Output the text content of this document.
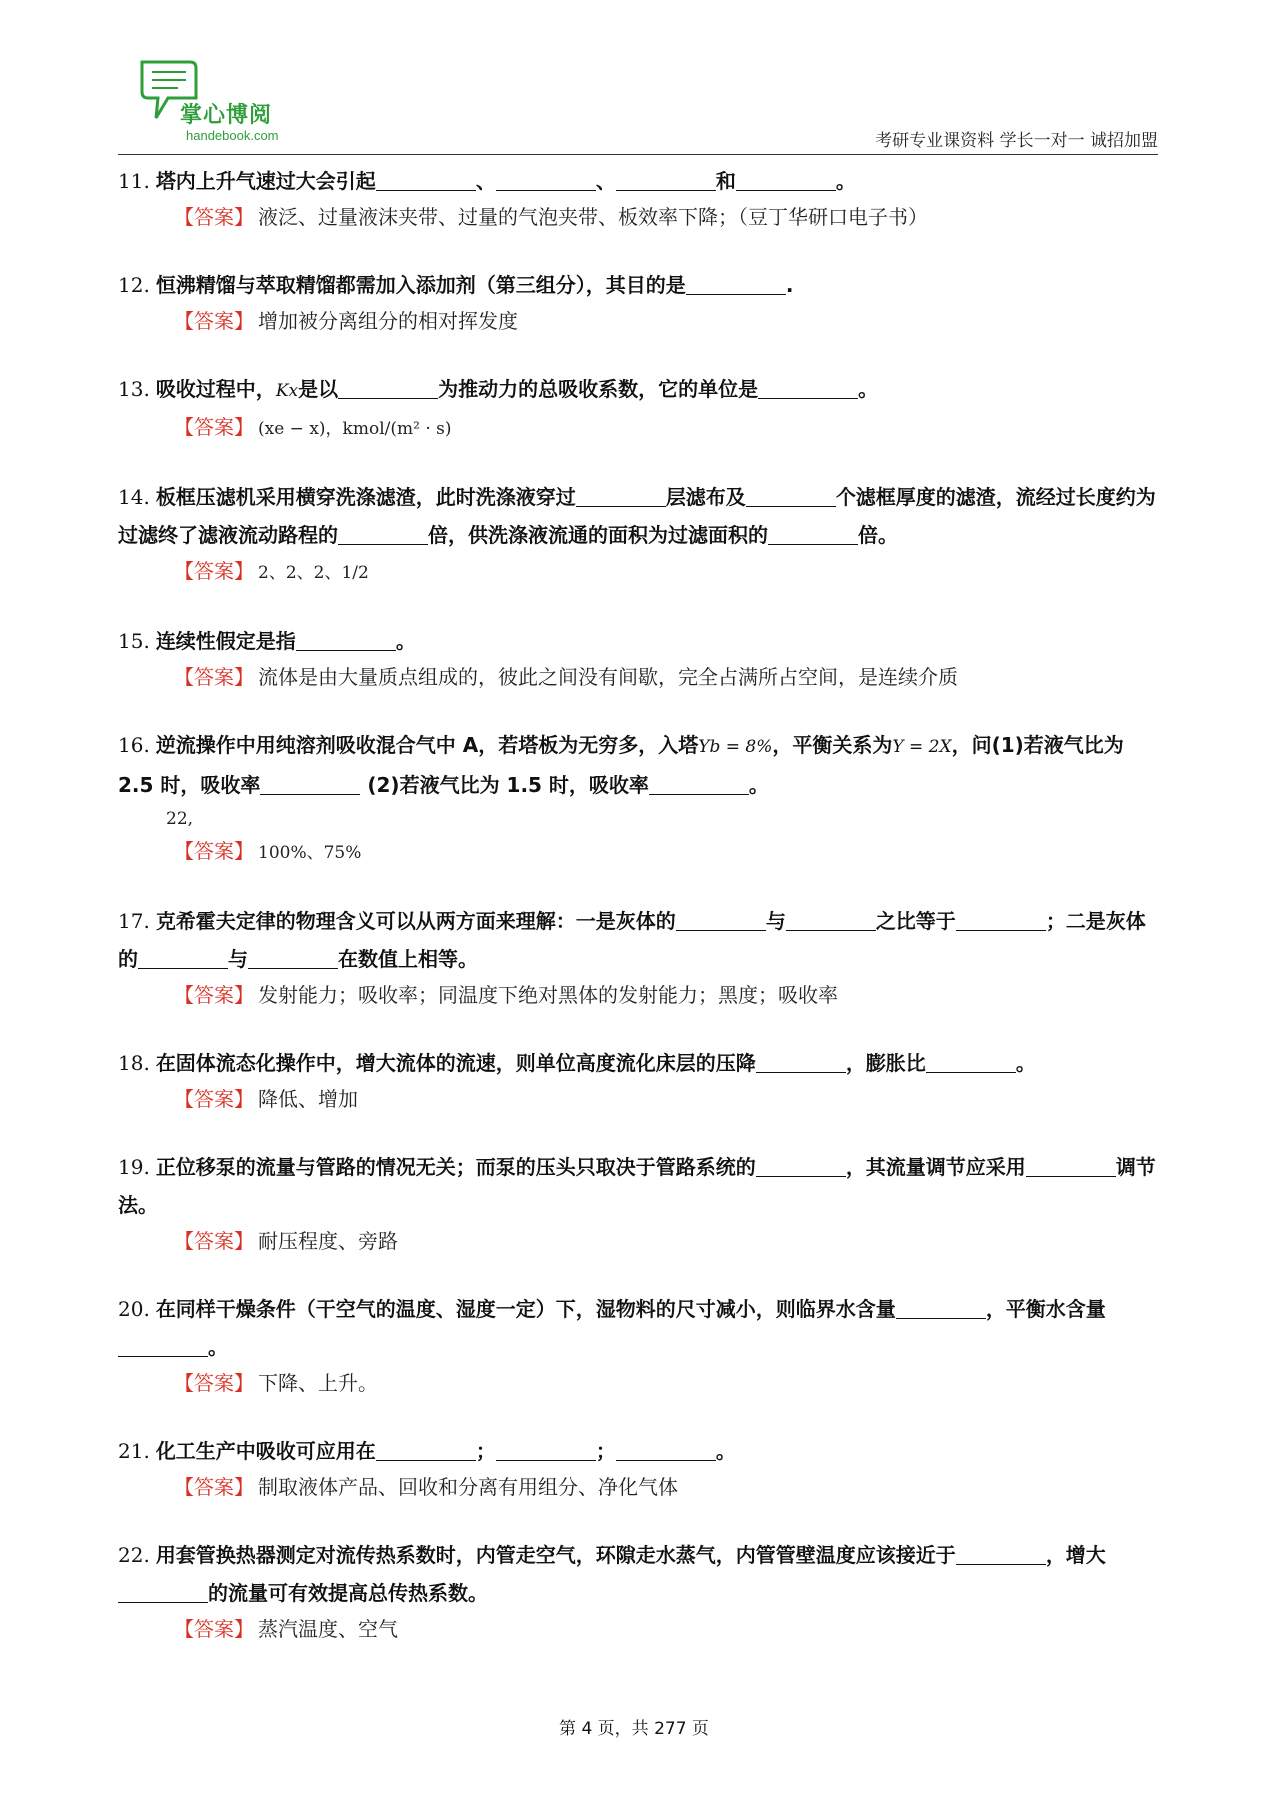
掌心博阅
handebook.com	考研专业课资料 学长一对一 诚招加盟

11. 塔内上升气速过大会引起	、	、	和	。

【答案】 液泛、过量液沫夹带、过量的气泡夹带、板效率下降；（豆丁华研口电子书）

12. 恒沸精馏与萃取精馏都需加入添加剂（第三组分），其目的是	.

【答案】 增加被分离组分的相对挥发度

13. 吸收过程中，Kx是以	为推动力的总吸收系数，它的单位是	。

【答案】 (xe − x)，kmol/(m² · s)

14. 板框压滤机采用横穿洗涤滤渣，此时洗涤液穿过	层滤布及	个滤框厚度的滤渣，流经过长度约为过滤终了滤液流动路程的	倍，供洗涤液流通的面积为过滤面积的	倍。

【答案】 2、2、2、1/2

15. 连续性假定是指	。

【答案】 流体是由大量质点组成的，彼此之间没有间歇，完全占满所占空间，是连续介质

16. 逆流操作中用纯溶剂吸收混合气中 A，若塔板为无穷多，入塔Yb = 8%，平衡关系为Y = 2X，问(1)若液气比为 2.5 时，吸收率	(2)若液气比为 1.5 时，吸收率	。

22,
【答案】 100%、75%

17. 克希霍夫定律的物理含义可以从两方面来理解：一是灰体的	与	之比等于	；二是灰体的	与	在数值上相等。

【答案】 发射能力；吸收率；同温度下绝对黑体的发射能力；黑度；吸收率

18. 在固体流态化操作中，增大流体的流速，则单位高度流化床层的压降	，膨胀比	。

【答案】 降低、增加

19. 正位移泵的流量与管路的情况无关；而泵的压头只取决于管路系统的	，其流量调节应采用	调节法。

【答案】 耐压程度、旁路

20. 在同样干燥条件（干空气的温度、湿度一定）下，湿物料的尺寸减小，则临界水含量	，平衡水含量。

【答案】 下降、上升。

21. 化工生产中吸收可应用在	；	；	。

【答案】 制取液体产品、回收和分离有用组分、净化气体

22. 用套管换热器测定对流传热系数时，内管走空气，环隙走水蒸气，内管管壁温度应该接近于	，增大的流量可有效提高总传热系数。

【答案】 蒸汽温度、空气
第 4 页，共 277 页
